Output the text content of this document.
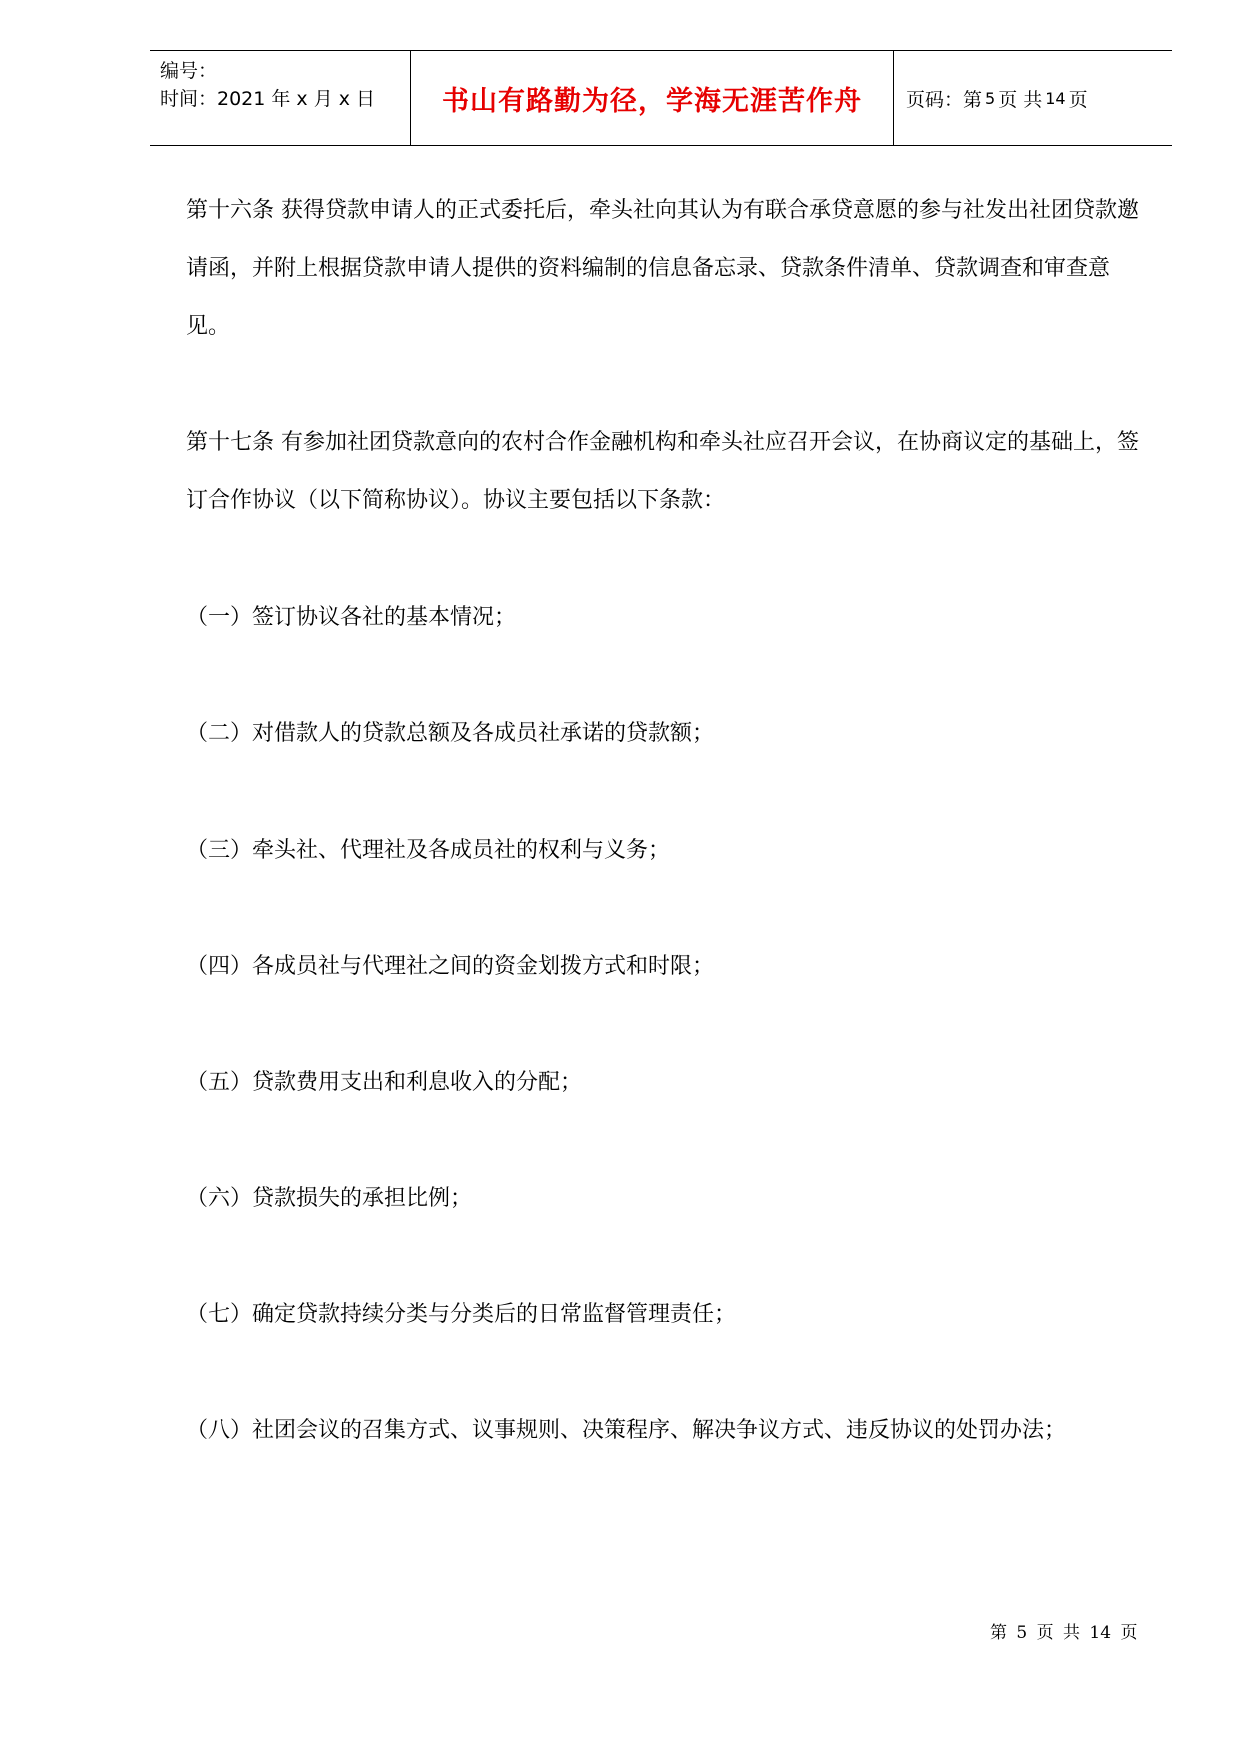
编号：
时间：2021 年 x 月 x 日	书山有路勤为径，学海无涯苦作舟 页码：第 5 页 共 14 页

第十六条 获得贷款申请人的正式委托后，牵头社向其认为有联合承贷意愿的参与社发出社团贷款邀请函，并附上根据贷款申请人提供的资料编制的信息备忘录、贷款条件清单、贷款调查和审查意见。

第十七条 有参加社团贷款意向的农村合作金融机构和牵头社应召开会议，在协商议定的基础上，签订合作协议（以下简称协议）。协议主要包括以下条款：

（一）签订协议各社的基本情况；

（二）对借款人的贷款总额及各成员社承诺的贷款额；

（三）牵头社、代理社及各成员社的权利与义务；

（四）各成员社与代理社之间的资金划拨方式和时限；

（五）贷款费用支出和利息收入的分配；

（六）贷款损失的承担比例；

（七）确定贷款持续分类与分类后的日常监督管理责任；

（八）社团会议的召集方式、议事规则、决策程序、解决争议方式、违反协议的处罚办法；

第 5 页 共 14 页
